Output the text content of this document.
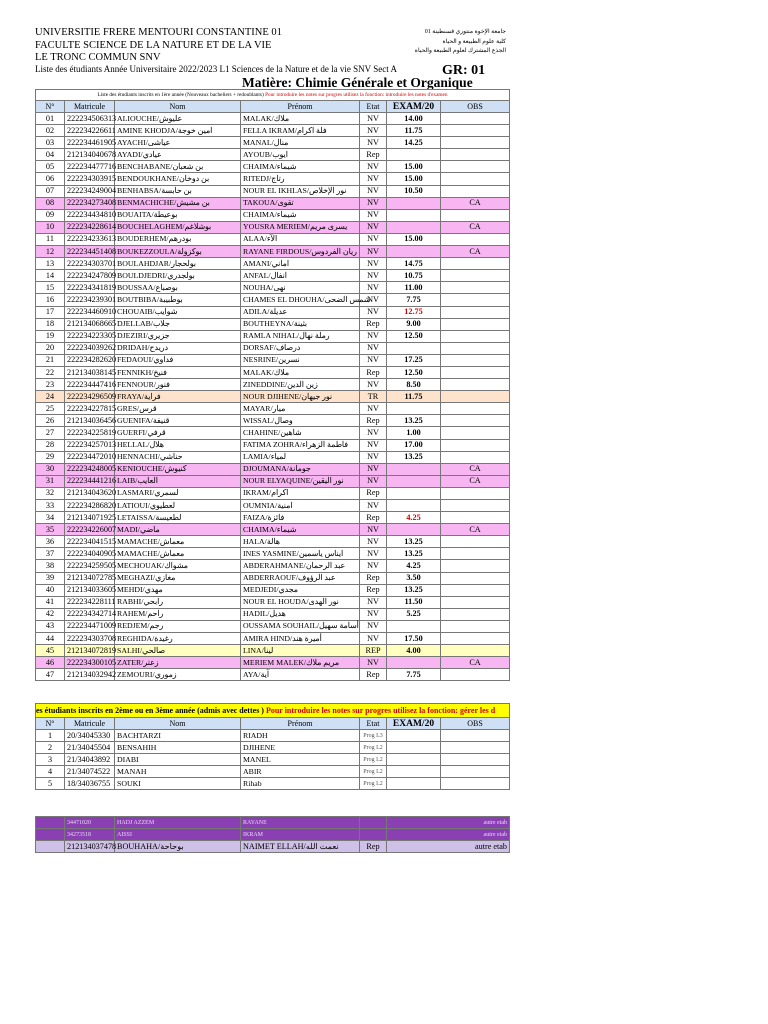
UNIVERSITIE FRERE MENTOURI CONSTANTINE 01
FACULTE SCIENCE DE LA NATURE ET DE LA VIE
LE TRONC COMMUN SNV
جامعة الإخوة منتوري قسنطينة 01
كلية علوم الطبيعة و الحياة
الجذع المشترك لعلوم الطبيعة والحياة
Liste des étudiants Année Universitaire 2022/2023 L1 Sciences de la Nature et de la vie SNV Sect A	GR: 01
Matière: Chimie Générale et Organique
Liste des étudiants inscrits en 1ère année (Nouveaux bacheliers + redoublants) Pour introduire les notes sur progres utilisez la fonction: introduire les notes d'examen						
N°	Matricule	Nom	Prénom	Etat	EXAM/20	OBS
01	222234506313	ALIOUCHE/علیوش	MALAK/ملاك	NV	14.00	
02	222234226611	AMINE KHODJA/امین خوجة	FELLA IKRAM/فلة اكرام	NV	11.75	
03	222234461905	AYACHI/عیاشی	MANAL/منال	NV	14.25	
04	212134040678	AYADI/عیادي	AYOUB/ایوب	Rep		
05	222234477716	BENCHABANE/بن شعبان	CHAIMA/شیماء	NV	15.00	
06	222234303915	BENDOUKHANE/بن دوخان	RITEDJ/رتاج	NV	15.00	
07	222234249004	BENHABSA/بن حابسة	NOUR EL IKHLAS/نور الإخلاص	NV	10.50	
08	222234273408	BENMACHICHE/بن مشیش	TAKOUA/تقوى	NV		CA
09	222234434810	BOUAITA/بوعیطة	CHAIMA/شیماء	NV		
10	222234228614	BOUCHELAGHEM/بوشلاغم	YOUSRA MERIEM/یسرى مریم	NV		CA
11	222234233613	BOUDERHEM/بودرهم	ALAA/الآء	NV	15.00	
12	222234451408	BOUKEZZOULA/بوكزولة	RAYANE FIRDOUS/ریان الفردوس	NV		CA
13	222234303701	BOULAHDJAR/بولحجار	AMANI/اماني	NV	14.75	
14	222234247809	BOULDJEDRI/بولجدري	ANFAL/انفال	NV	10.75	
15	222234341819	BOUSSAA/بوصباع	NOUHA/نهى	NV	11.00	
16	222234239301	BOUTBIBA/بوطبيبة	CHAMES EL DHOUHA/شمس الضحى	NV	7.75	
17	222234460910	CHOUAIB/شوایب	ADILA/عدیلة	NV	12.75	
18	212134068665	DJELLAB/جلاب	BOUTHEYNA/بثینة	Rep	9.00	
19	222234223305	DJEZIRI/جزیري	RAMLA NIHAL/رملة نهال	NV	12.50	
20	222234039262	DRIDAH/دریدح	DORSAF/درصاف	NV		
21	222234282620	FEDAOUI/فداوي	NESRINE/نسرین	NV	17.25	
22	212134038145	FENNIKH/فنیخ	MALAK/ملاك	Rep	12.50	
23	222234447416	FENNOUR/فنور	ZINEDDINE/زین الدین	NV	8.50	
24	222234296509	FRAYA/فرایة	NOUR DJIHENE/نور جیهان	TR	11.75	
25	222234227815	GRES/قرس	MAYAR/میار	NV		
26	212134036456	GUENIFA/قنیفة	WISSAL/وصال	Rep	13.25	
27	222234225819	GUERFI/قرفي	CHAHINE/شاهین	NV	1.00	
28	222234257013	HELLAL/هلال	FATIMA ZOHRA/فاطمة الزهراء	NV	17.00	
29	222234472010	HENNACHI/حناشي	LAMIA/لمیاء	NV	13.25	
30	222234248005	KENIOUCHE/كنیوش	DJOUMANA/جومانة	NV		CA
31	222234441216	LAIB/العایب	NOUR ELYAQUINE/نور الیقین	NV		CA
32	212134043620	LASMARI/لسمري	IKRAM/اكرام	Rep		
33	222234286820	LATIOUI/لعطیوي	OUMNIA/امنیة	NV		
34	212134071925	LETAISSA/لطعیسة	FAIZA/فائزة	Rep	4.25	
35	222234226007	MADI/ماضي	CHAIMA/شیماء	NV		CA
36	222234041515	MAMACHE/معماش	HALA/هالة	NV	13.25	
37	222234040905	MAMACHE/معماش	INES YASMINE/ایناس یاسمین	NV	13.25	
38	222234259505	MECHOUAK/مشواك	ABDERAHMANE/عبد الرحمان	NV	4.25	
39	212134072785	MEGHAZI/مغازي	ABDERRAOUF/عبد الرؤوف	Rep	3.50	
40	212134033605	MEHDI/مهدي	MEDJEDI/مجدي	Rep	13.25	
41	222234228111	RABHI/رابحي	NOUR EL HOUDA/نور الهدى	NV	11.50	
42	222234342714	RAHEM/راحم	HADIL/هدیل	NV	5.25	
43	222234471009	REDJEM/رجم	OUSSAMA SOUHAIL/أسامة سهیل	NV		
44	222234303708	REGHIDA/رغیدة	AMIRA HIND/أمیرة هند	NV	17.50	
45	212134072819	SALHI/صالحي	LINA/لینا	REP	4.00	
46	222234300105	ZATER/زعتر	MERIEM MALEK/مریم ملاك	NV		CA
47	212134032942	ZEMOURI/زموري	AYA/آیة	Rep	7.75	
es étudiants inscrits en 2ème ou en 3ème année (admis avec dettes ) Pour introduire les notes sur progres utilisez la fonction: gérer les d						
N°	Matricule	Nom	Prénom	Etat	EXAM/20	OBS
1	20/34045330	BACHTARZI	RIADH	Prog L3		
2	21/34045504	BENSAHIH	DJIHENE	Prog L2		
3	21/34043892	DIABI	MANEL	Prog L2		
4	21/34074522	MANAH	ABIR	Prog L2		
5	18/34036755	SOUKI	Rihab	Prog L2		
	34471020	HADJ AZZEM	RAYANE		autre etab
	34273518	AISSI	IKRAM		autre etab
	212134037478	BOUHAHA/بوحاحة	NAIMET ELLAH/نعمت الله	Rep	autre etab
